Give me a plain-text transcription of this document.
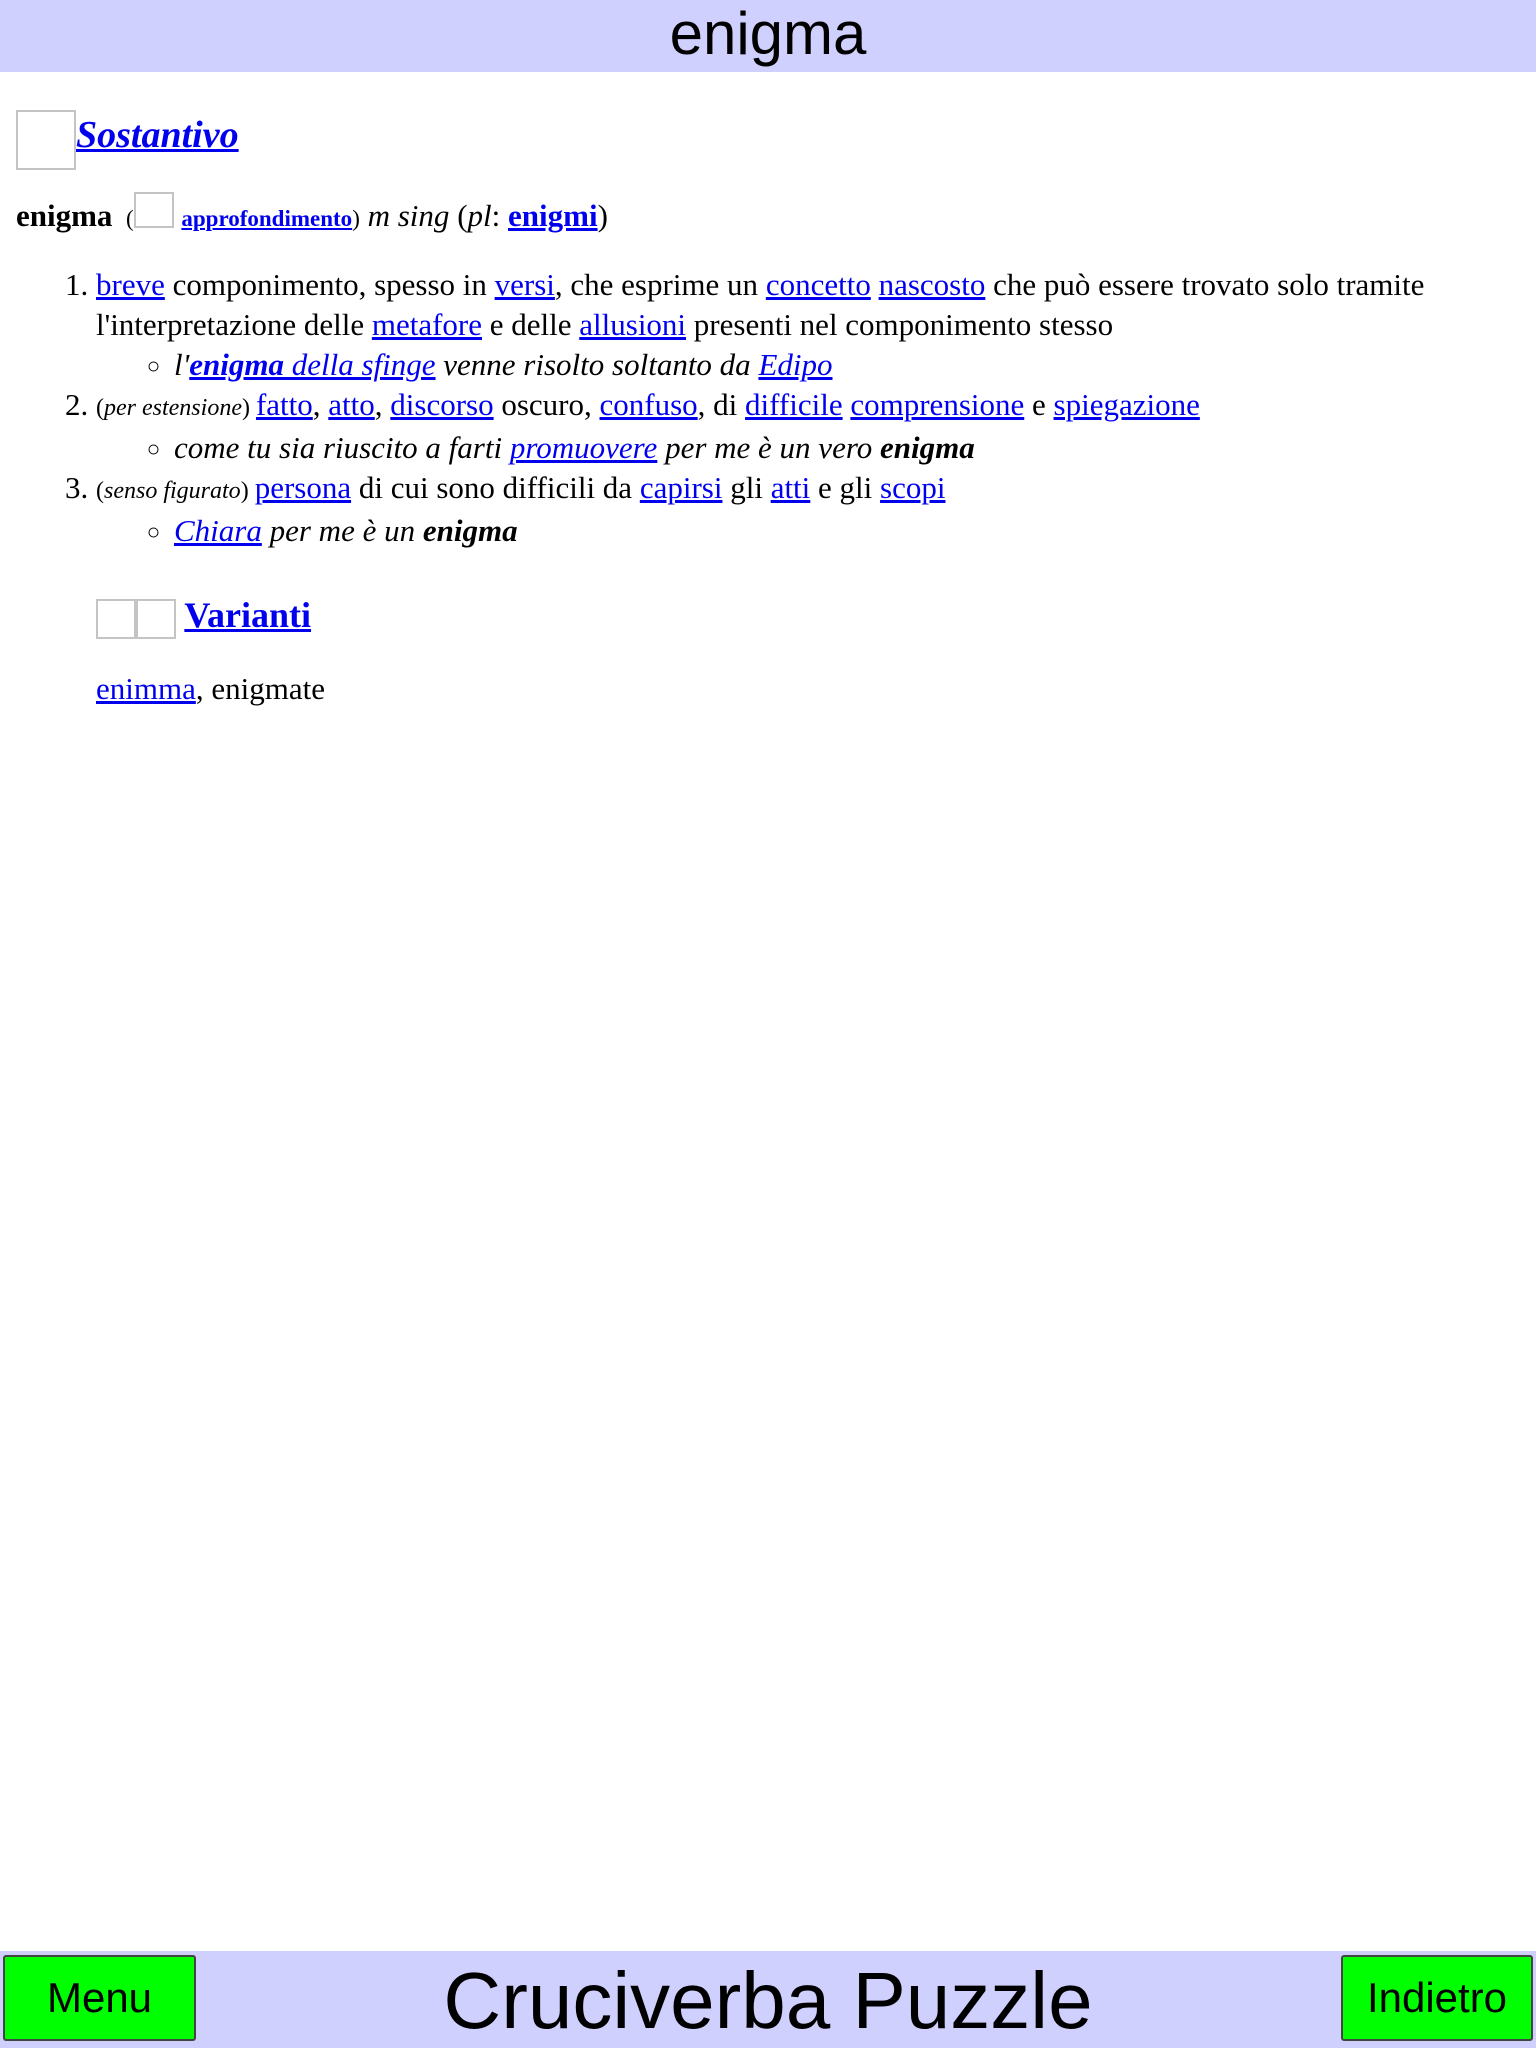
enigma
Sostantivo
enigma  ( approfondimento) m sing (pl: enigmi)
1. breve componimento, spesso in versi, che esprime un concetto nascosto che può essere trovato solo tramite l'interpretazione delle metafore e delle allusioni presenti nel componimento stesso
◦ l'enigma della sfinge venne risolto soltanto da Edipo
2. (per estensione) fatto, atto, discorso oscuro, confuso, di difficile comprensione e spiegazione
◦ come tu sia riuscito a farti promuovere per me è un vero enigma
3. (senso figurato) persona di cui sono difficili da capirsi gli atti e gli scopi
◦ Chiara per me è un enigma
Varianti
enimma, enigmate
Cruciverba Puzzle
Menu	Indietro
